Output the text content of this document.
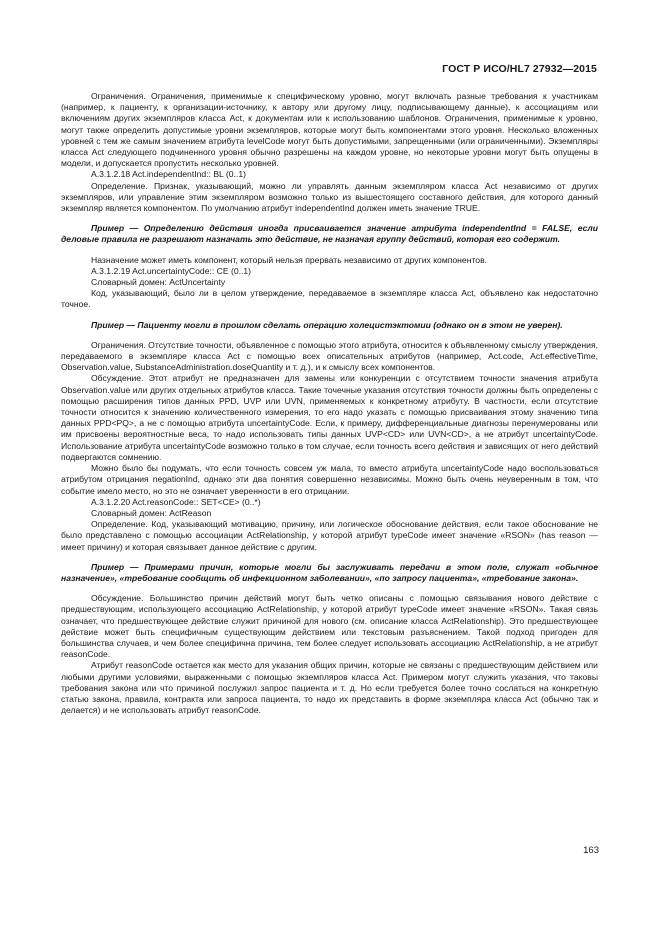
ГОСТ Р ИСО/HL7 27932—2015

Ограничения. Ограничения, применимые к специфическому уровню, могут включать разные требования к участникам (например, к пациенту, к организации-источнику, к автору или другому лицу, подписывающему данные), к ассоциациям или включениям других экземпляров класса Act, к документам или к использованию шаблонов. Ограничения, применимые к уровню, могут также определить допустимые уровни экземпляров, которые могут быть компонентами этого уровня. Несколько вложенных уровней с тем же самым значением атрибута levelCode могут быть допустимыми, запрещенными (или ограниченными). Экземпляры класса Act следующего подчиненного уровня обычно разрешены на каждом уровне, но некоторые уровни могут быть опущены в модели, и допускается пропустить несколько уровней.

A.3.1.2.18 Act.independentInd:: BL (0..1)

Определение. Признак, указывающий, можно ли управлять данным экземпляром класса Act независимо от других экземпляров, или управление этим экземпляром возможно только из вышестоящего составного действия, для которого данный экземпляр является компонентом. По умолчанию атрибут independentInd должен иметь значение TRUE.

Пример — Определению действия иногда присваивается значение атрибута independentInd = FALSE, если деловые правила не разрешают назначать это действие, не назначая группу действий, которая его содержит.

Назначение может иметь компонент, который нельзя прервать независимо от других компонентов.

A.3.1.2.19 Act.uncertaintyCode:: CE (0..1)

Словарный домен: ActUncertainty

Код, указывающий, было ли в целом утверждение, передаваемое в экземпляре класса Act, объявлено как недостаточно точное.

Пример — Пациенту могли в прошлом сделать операцию холецистэктомии (однако он в этом не уверен).

Ограничения. Отсутствие точности, объявленное с помощью этого атрибута, относится к объявленному смыслу утверждения, передаваемого в экземпляре класса Act с помощью всех описательных атрибутов (например, Act.code, Act.effectiveTime, Observation.value, SubstanceAdministration.doseQuantity и т. д.), и к смыслу всех компонентов.

Обсуждение. Этот атрибут не предназначен для замены или конкуренции с отсутствием точности значения атрибута Observation.value или других отдельных атрибутов класса. Такие точечные указания отсутствия точности должны быть определены с помощью расширения типов данных PPD, UVP или UVN, применяемых к конкретному атрибуту. В частности, если отсутствие точности относится к значению количественного измерения, то его надо указать с помощью присваивания этому значению типа данных PPD<PQ>, а не с помощью атрибута uncertaintyCode. Если, к примеру, дифференциальные диагнозы перенумерованы или им присвоены вероятностные веса, то надо использовать типы данных UVP<CD> или UVN<CD>, а не атрибут uncertaintyCode. Использование атрибута uncertaintyCode возможно только в том случае, если точность всего действия и зависящих от него действий подвергаются сомнению.

Можно было бы подумать, что если точность совсем уж мала, то вместо атрибута uncertaintyCode надо воспользоваться атрибутом отрицания negationInd, однако эти два понятия совершенно независимы. Можно быть очень неуверенным в том, что событие имело место, но это не означает уверенности в его отрицании.

A.3.1.2.20 Act.reasonCode:: SET<CE> (0..*)

Словарный домен: ActReason

Определение. Код, указывающий мотивацию, причину, или логическое обоснование действия, если такое обоснование не было представлено с помощью ассоциации ActRelationship, у которой атрибут typeCode имеет значение «RSON» (has reason — имеет причину) и которая связывает данное действие с другим.

Пример — Примерами причин, которые могли бы заслуживать передачи в этом поле, служат «обычное назначение», «требование сообщить об инфекционном заболевании», «по запросу пациента», «требование закона».

Обсуждение. Большинство причин действий могут быть четко описаны с помощью связывания нового действие с предшествующим, использующего ассоциацию ActRelationship, у которой атрибут typeCode имеет значение «RSON». Такая связь означает, что предшествующее действие служит причиной для нового (см. описание класса ActRelationship). Это предшествующее действие может быть специфичным существующим действием или текстовым разъяснением. Такой подход пригоден для большинства случаев, и чем более специфична причина, тем более следует использовать ассоциацию ActRelationship, а не атрибут reasonCode.

Атрибут reasonCode остается как место для указания общих причин, которые не связаны с предшествующим действием или любыми другими условиями, выраженными с помощью экземпляров класса Act. Примером могут служить указания, что таковы требования закона или что причиной послужил запрос пациента и т. д. Но если требуется более точно сослаться на конкретную статью закона, правила, контракта или запроса пациента, то надо их представить в форме экземпляра класса Act (обычно так и делается) и не использовать атрибут reasonCode.

163
